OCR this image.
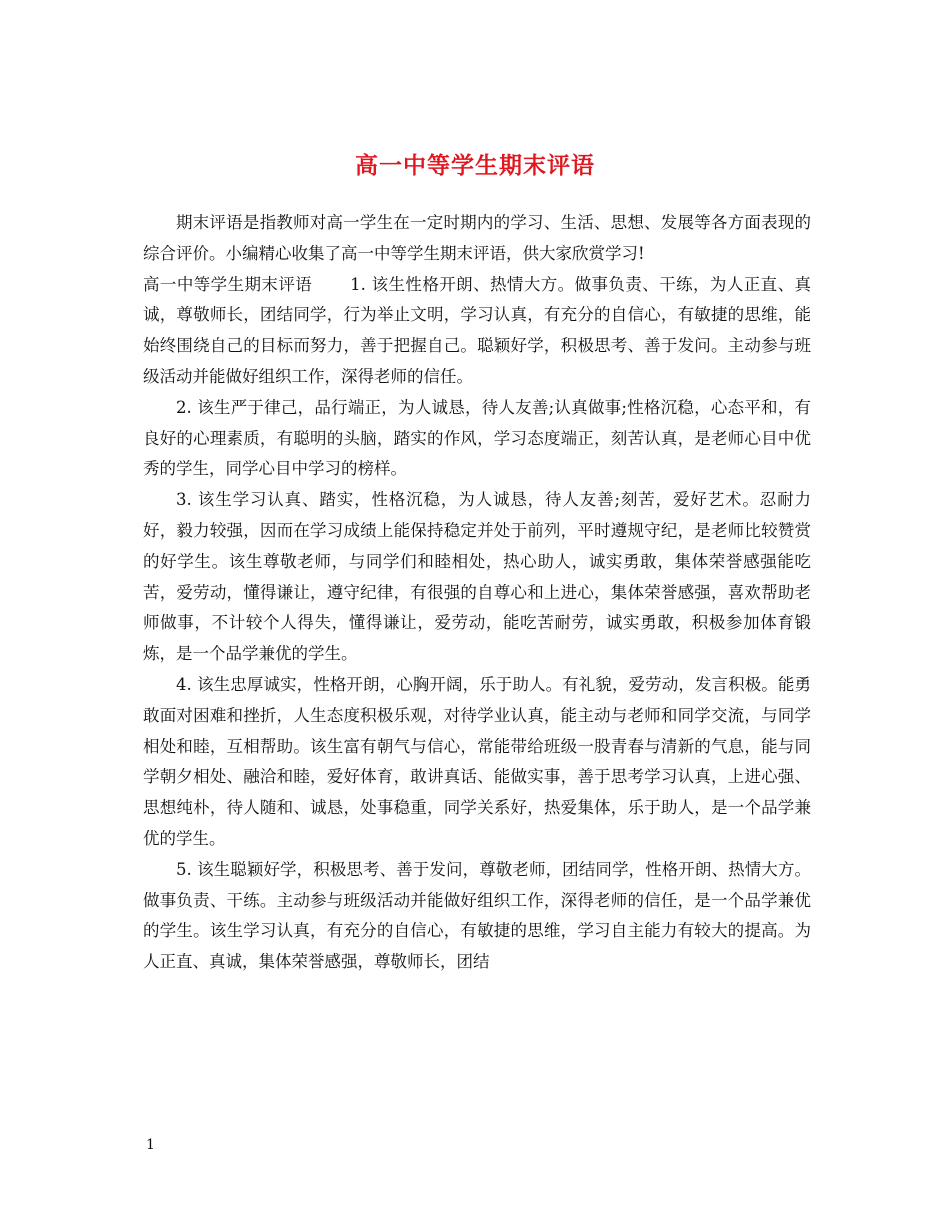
高一中等学生期末评语

期末评语是指教师对高一学生在一定时期内的学习、生活、思想、发展等各方面表现的综合评价。小编精心收集了高一中等学生期末评语，供大家欣赏学习!

高一中等学生期末评语 1. 该生性格开朗、热情大方。做事负责、干练，为人正直、真诚，尊敬师长，团结同学，行为举止文明，学习认真，有充分的自信心，有敏捷的思维，能始终围绕自己的目标而努力，善于把握自己。聪颖好学，积极思考、善于发问。主动参与班级活动并能做好组织工作，深得老师的信任。

2. 该生严于律己，品行端正，为人诚恳，待人友善;认真做事;性格沉稳，心态平和，有良好的心理素质，有聪明的头脑，踏实的作风，学习态度端正，刻苦认真，是老师心目中优秀的学生，同学心目中学习的榜样。

3. 该生学习认真、踏实，性格沉稳，为人诚恳，待人友善;刻苦，爱好艺术。忍耐力好，毅力较强，因而在学习成绩上能保持稳定并处于前列，平时遵规守纪，是老师比较赞赏的好学生。该生尊敬老师，与同学们和睦相处，热心助人，诚实勇敢，集体荣誉感强能吃苦，爱劳动，懂得谦让，遵守纪律，有很强的自尊心和上进心，集体荣誉感强，喜欢帮助老师做事，不计较个人得失，懂得谦让，爱劳动，能吃苦耐劳，诚实勇敢，积极参加体育锻炼，是一个品学兼优的学生。

4. 该生忠厚诚实，性格开朗，心胸开阔，乐于助人。有礼貌，爱劳动，发言积极。能勇敢面对困难和挫折，人生态度积极乐观，对待学业认真，能主动与老师和同学交流，与同学相处和睦，互相帮助。该生富有朝气与信心，常能带给班级一股青春与清新的气息，能与同学朝夕相处、融洽和睦，爱好体育，敢讲真话、能做实事，善于思考学习认真，上进心强、思想纯朴，待人随和、诚恳，处事稳重，同学关系好，热爱集体，乐于助人，是一个品学兼优的学生。

5. 该生聪颖好学，积极思考、善于发问，尊敬老师，团结同学，性格开朗、热情大方。做事负责、干练。主动参与班级活动并能做好组织工作，深得老师的信任，是一个品学兼优的学生。该生学习认真，有充分的自信心，有敏捷的思维，学习自主能力有较大的提高。为人正直、真诚，集体荣誉感强，尊敬师长，团结

1
